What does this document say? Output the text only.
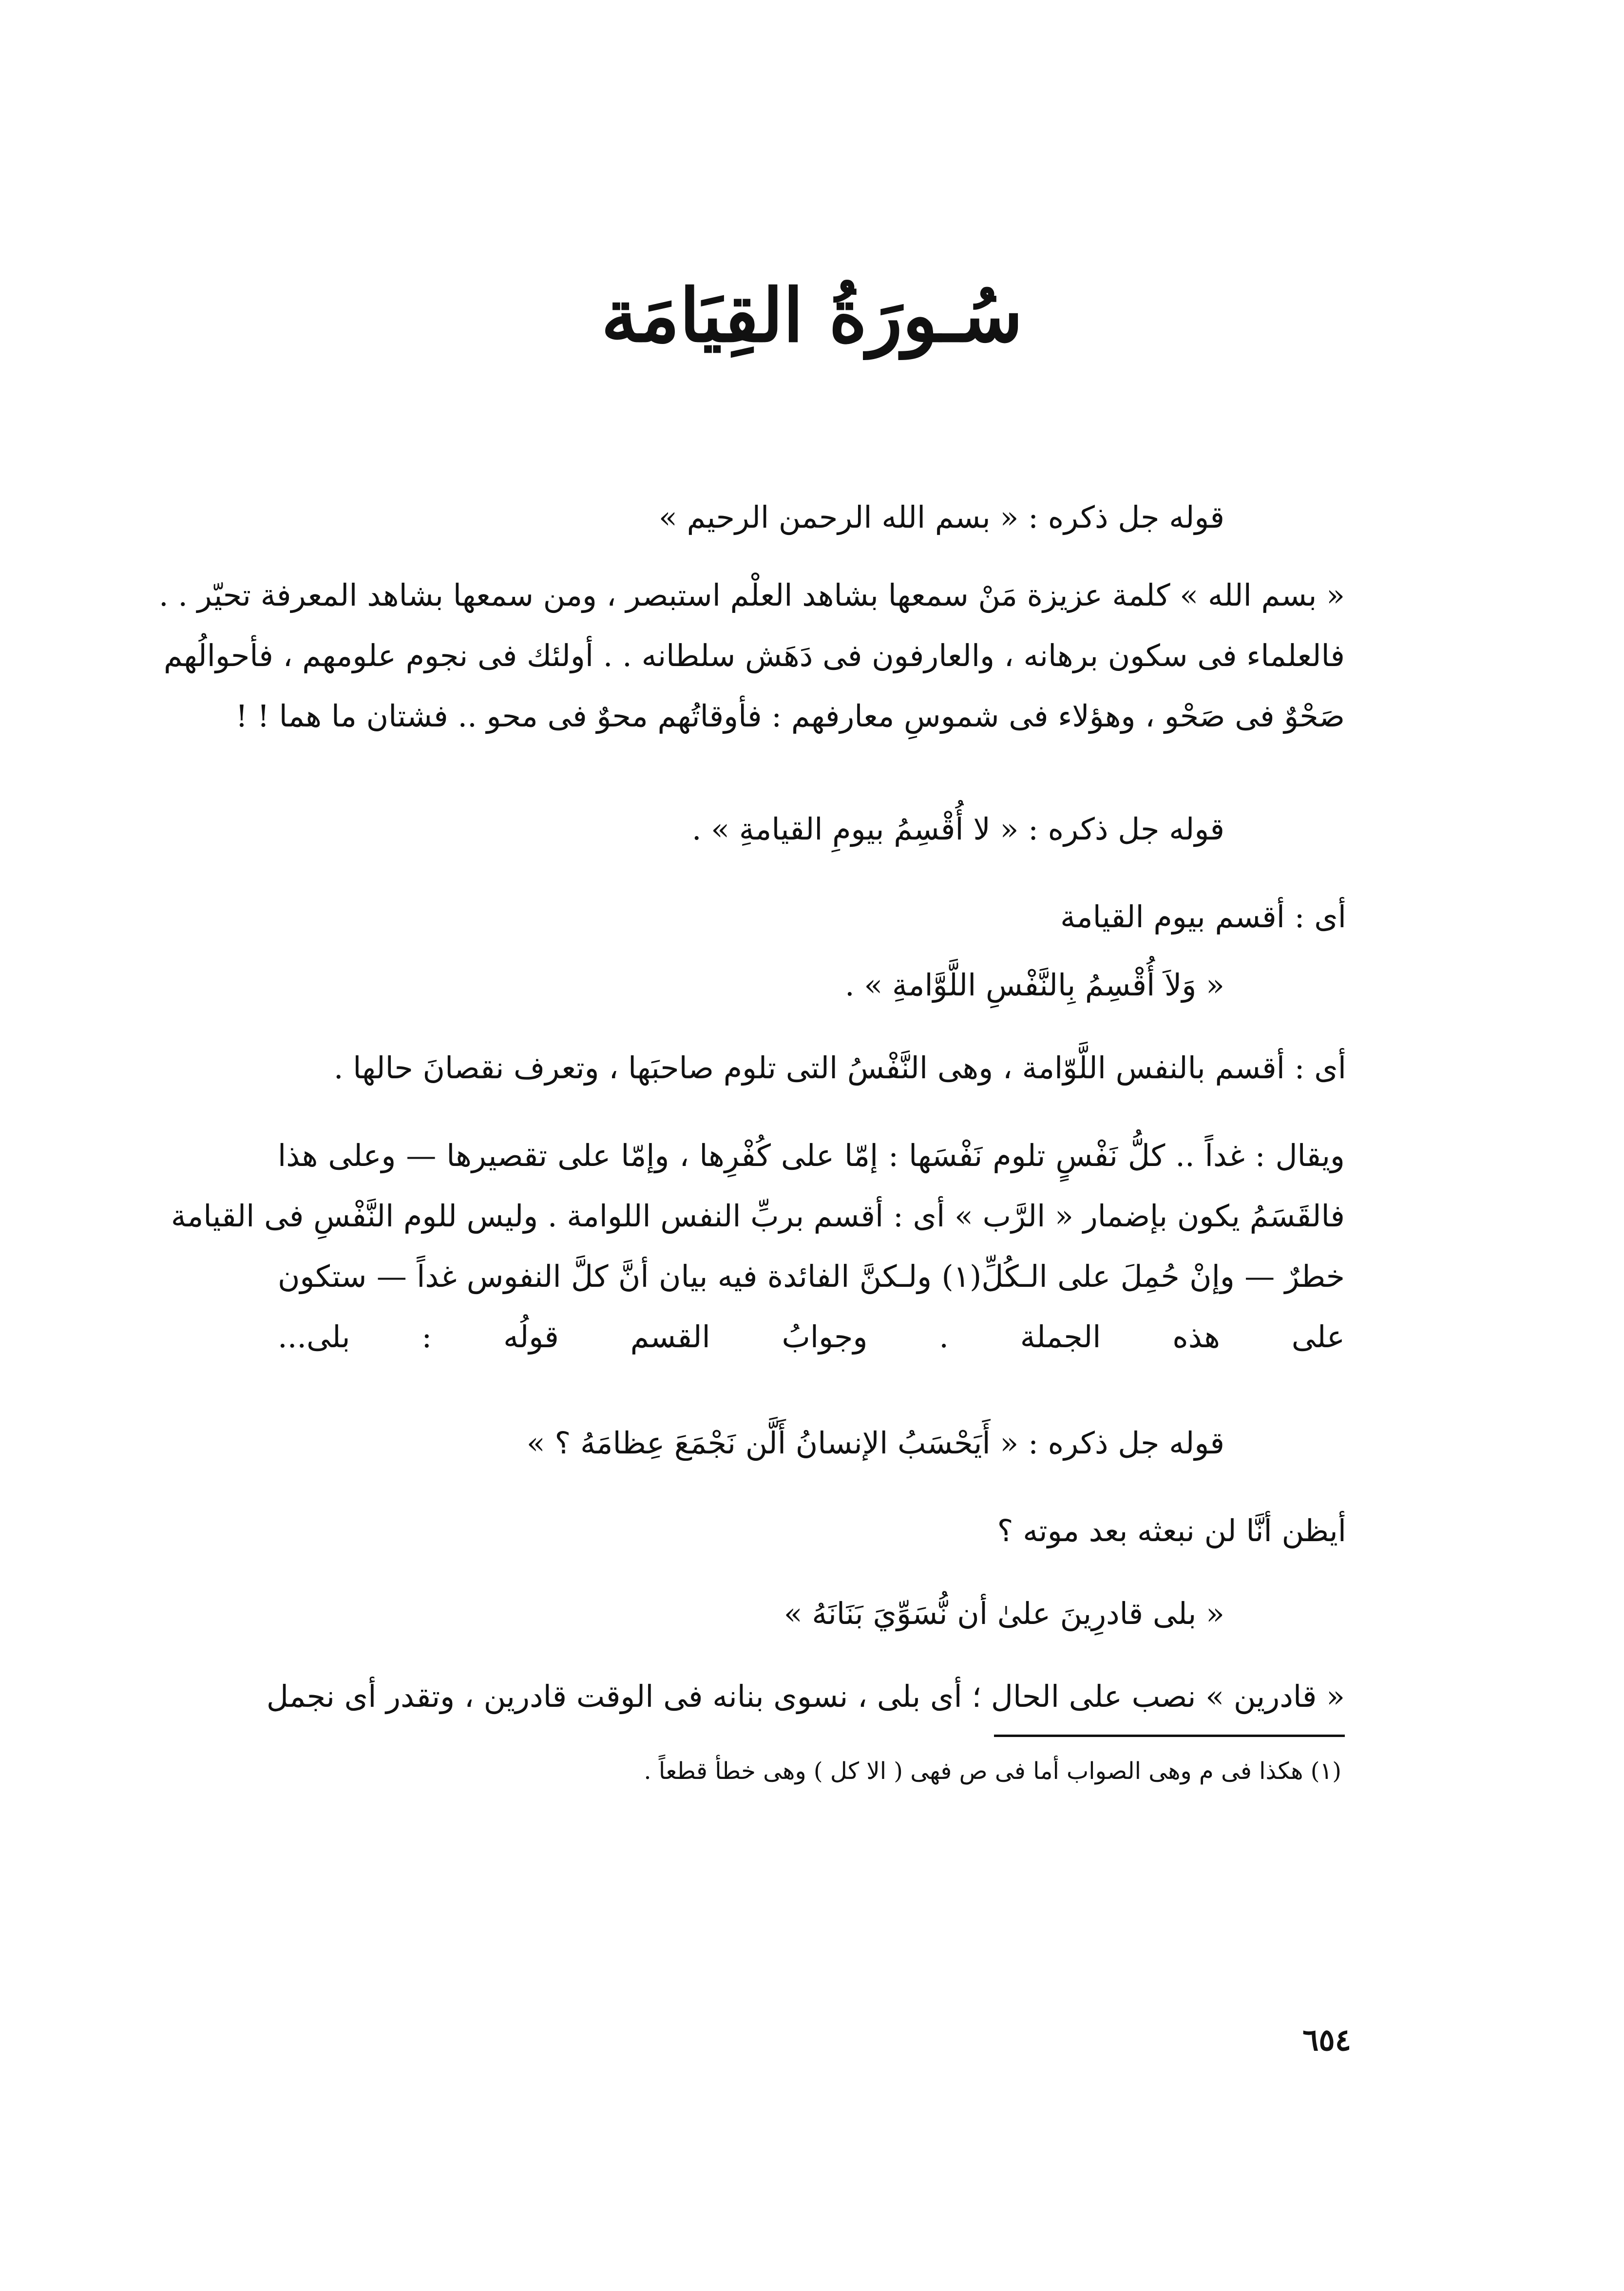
سُـورَةُ القِيَامَة
قوله جل ذكره : « بسم الله الرحمن الرحيم »
« بسم الله » كلمة عزيزة مَنْ سمعها بشاهد العلْم استبصر ، ومن سمعها بشاهد المعرفة تحيّر . .
فالعلماء فى سكون برهانه ، والعارفون فى دَهَش سلطانه . . أولئك فى نجوم علومهم ، فأحوالُهم
صَحْوٌ فى صَحْو ، وهؤلاء فى شموسِ معارفهم : فأوقاتُهم محوٌ فى محو .. فشتان ما هما ! !
قوله جل ذكره : « لا أُقْسِمُ بيومِ القيامةِ » .
أى : أقسم بيوم القيامة
« وَلاَ أُقْسِمُ بِالنَّفْسِ اللَّوَّامةِ » .
أى : أقسم بالنفس اللَّوّامة ، وهى النَّفْسُ التى تلوم صاحبَها ، وتعرف نقصانَ حالها .
ويقال : غداً .. كلُّ نَفْسٍ تلوم نَفْسَها : إمّا على كُفْرِها ، وإمّا على تقصيرها — وعلى هذا
فالقَسَمُ يكون بإضمار « الرَّب » أى : أقسم بربِّ النفس اللوامة . وليس للوم النَّفْسِ فى القيامة
خطرٌ — وإنْ حُمِلَ على الـكُلِّ(١) ولـكنَّ الفائدة فيه بيان أنَّ كلَّ النفوس غداً — ستكون
على هذه الجملة . وجوابُ القسم قولُه : بلى...
قوله جل ذكره : « أَيَحْسَبُ الإنسانُ أَلَّن نَجْمَعَ عِظامَهُ ؟ »
أيظن أنَّا لن نبعثه بعد موته ؟
« بلى قادرِينَ علىٰ أن نُّسَوِّيَ بَنَانَهُ »
« قادرين » نصب على الحال ؛ أى بلى ، نسوى بنانه فى الوقت قادرين ، وتقدر أى نجمل
(١) هكذا فى م وهى الصواب أما فى ص فهى ( الا كل ) وهى خطأ قطعاً .
٦٥٤
